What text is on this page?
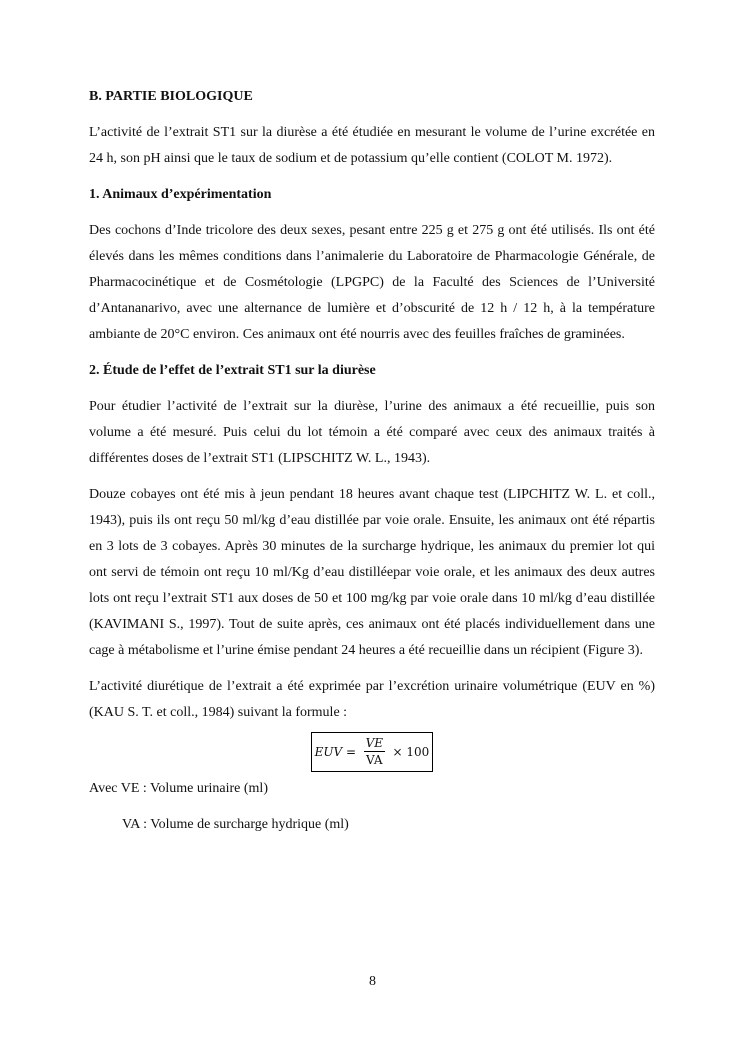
B. PARTIE BIOLOGIQUE

L’activité de l’extrait ST1 sur la diurèse a été étudiée en mesurant le volume de l’urine excrétée en 24 h, son pH ainsi que le taux de sodium et de potassium qu’elle contient (COLOT M. 1972).

1. Animaux d’expérimentation

Des cochons d’Inde tricolore des deux sexes, pesant entre 225 g et 275 g ont été utilisés. Ils ont été élevés dans les mêmes conditions dans l’animalerie du Laboratoire de Pharmacologie Générale, de Pharmacocinétique et de Cosmétologie (LPGPC) de la Faculté des Sciences de l’Université d’Antananarivo, avec une alternance de lumière et d’obscurité de 12 h / 12 h, à la température ambiante de 20°C environ. Ces animaux ont été nourris avec des feuilles fraîches de graminées.

2. Étude de l’effet de l’extrait ST1 sur la diurèse

Pour étudier l’activité de l’extrait sur la diurèse, l’urine des animaux a été recueillie, puis son volume a été mesuré. Puis celui du lot témoin a été comparé avec ceux des animaux traités à différentes doses de l’extrait ST1 (LIPSCHITZ W. L., 1943).

Douze cobayes ont été mis à jeun pendant 18 heures avant chaque test (LIPCHITZ W. L. et coll., 1943), puis ils ont reçu 50 ml/kg d’eau distillée par voie orale. Ensuite, les animaux ont été répartis en 3 lots de 3 cobayes. Après 30 minutes de la surcharge hydrique, les animaux du premier lot qui ont servi de témoin ont reçu 10 ml/Kg d’eau distilléepar voie orale, et les animaux des deux autres lots ont reçu l’extrait ST1 aux doses de 50 et 100 mg/kg par voie orale dans 10 ml/kg d’eau distillée (KAVIMANI S., 1997). Tout de suite après, ces animaux ont été placés individuellement dans une cage à métabolisme et l’urine émise pendant 24 heures a été recueillie dans un récipient (Figure 3).

L’activité diurétique de l’extrait a été exprimée par l’excrétion urinaire volumétrique (EUV en %) (KAU S. T. et coll., 1984) suivant la formule :

EUV = $\frac{VE}{VA} \times 100$

Avec VE : Volume urinaire (ml)

VA : Volume de surcharge hydrique (ml)

8
